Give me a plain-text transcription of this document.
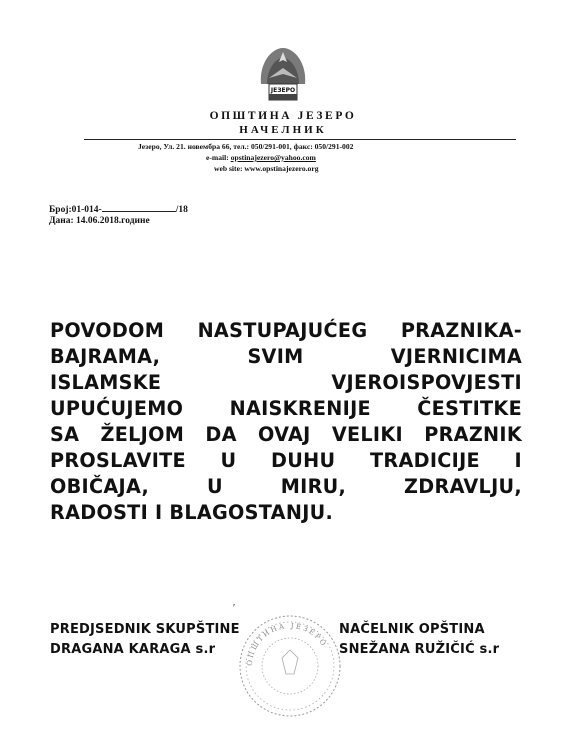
ЈЕЗЕРО
ОПШТИНА ЈЕЗЕРО
НАЧЕЛНИК
Језеро, Ул. 21. новембра 66, тел.: 050/291-001, факс: 050/291-002
e-mail: opstinajezero@yahoo.com
web site: www.opstinajezero.org
Број:01-014-	/18
Дана: 14.06.2018.године
POVODOM NASTUPAJUĆEG PRAZNIKA-
BAJRAMA, SVIM VJERNICIMA
ISLAMSKE VJEROISPOVJESTI
UPUĆUJEMO NAISKRENIJE ČESTITKE
SA ŽELJOM DA OVAJ VELIKI PRAZNIK
PROSLAVITE U DUHU TRADICIJE I
OBIČAJA, U MIRU, ZDRAVLJU,
RADOSTI I BLAGOSTANJU.
ОПШТИНА ЈЕЗЕРО
ʹ
PREDJSEDNIK SKUPŠTINE
DRAGANA KARAGA s.r
NAČELNIK OPŠTINA
SNEŽANA RUŽIČIĆ s.r
